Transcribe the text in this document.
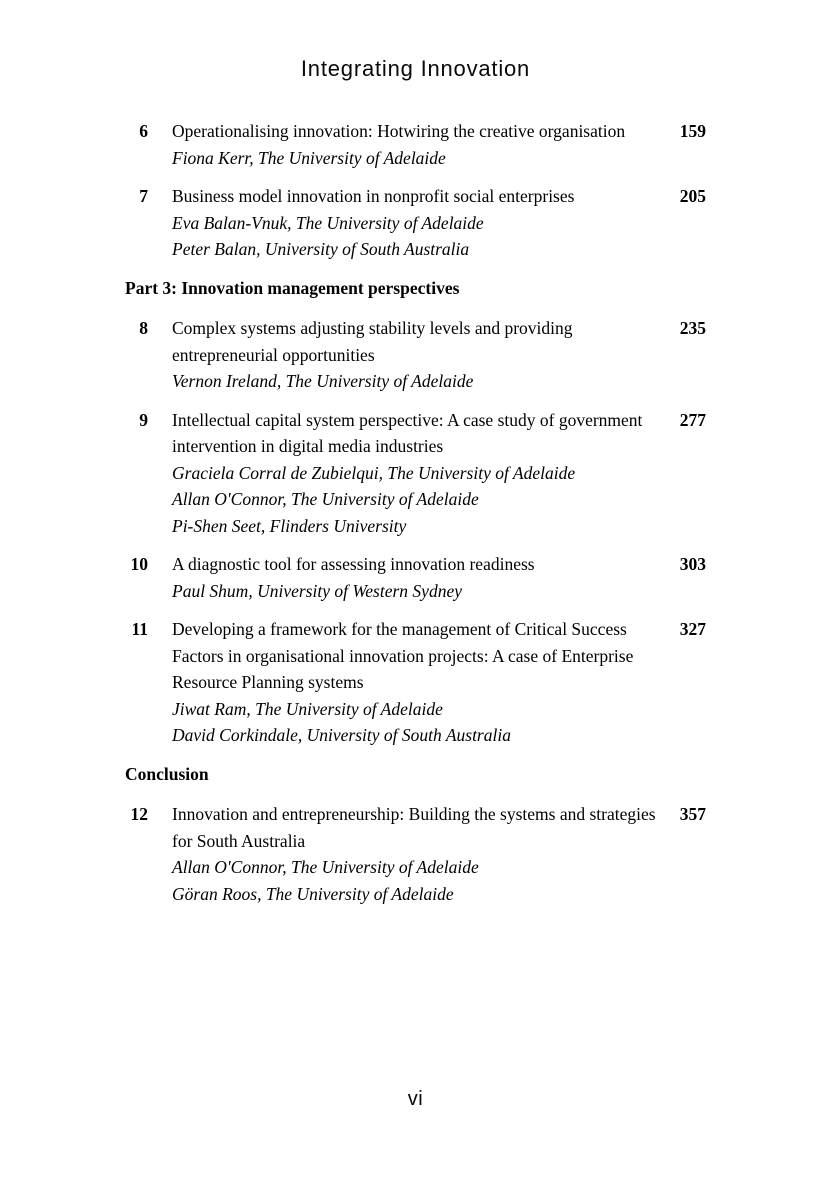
Integrating Innovation
6 Operationalising innovation: Hotwiring the creative organisation
Fiona Kerr, The University of Adelaide
159
7 Business model innovation in nonprofit social enterprises
Eva Balan-Vnuk, The University of Adelaide
Peter Balan, University of South Australia
205
Part 3: Innovation management perspectives
8 Complex systems adjusting stability levels and providing entrepreneurial opportunities
Vernon Ireland, The University of Adelaide
235
9 Intellectual capital system perspective: A case study of government intervention in digital media industries
Graciela Corral de Zubielqui, The University of Adelaide
Allan O'Connor, The University of Adelaide
Pi-Shen Seet, Flinders University
277
10 A diagnostic tool for assessing innovation readiness
Paul Shum, University of Western Sydney
303
11 Developing a framework for the management of Critical Success Factors in organisational innovation projects: A case of Enterprise Resource Planning systems
Jiwat Ram, The University of Adelaide
David Corkindale, University of South Australia
327
Conclusion
12 Innovation and entrepreneurship: Building the systems and strategies for South Australia
Allan O'Connor, The University of Adelaide
Göran Roos, The University of Adelaide
357
vi
